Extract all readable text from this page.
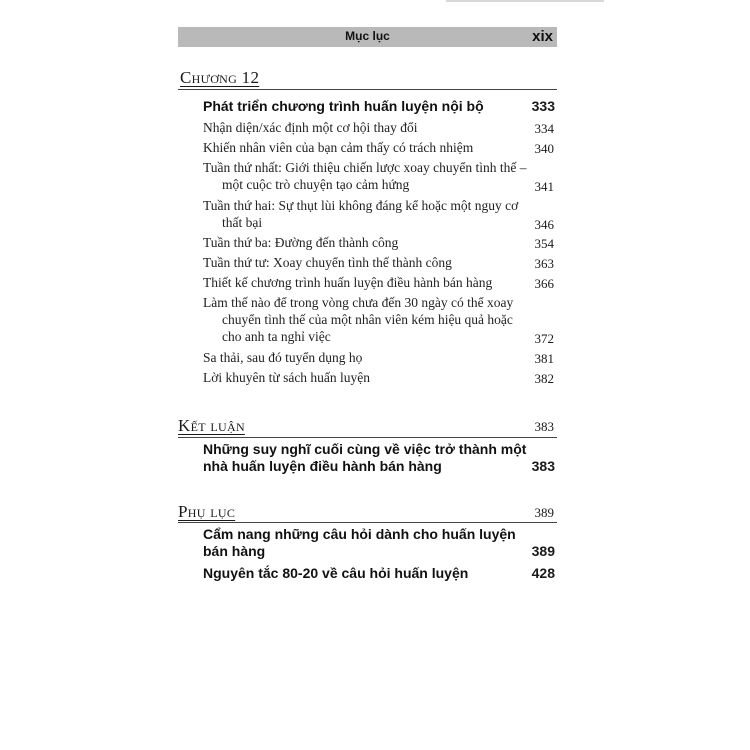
Mục lục	xix
Chương 12
Phát triển chương trình huấn luyện nội bộ	333
Nhận diện/xác định một cơ hội thay đổi	334
Khiến nhân viên của bạn cảm thấy có trách nhiệm	340
Tuần thứ nhất: Giới thiệu chiến lược xoay chuyển tình thế –
một cuộc trò chuyện tạo cảm hứng	341
Tuần thứ hai: Sự thụt lùi không đáng kể hoặc một nguy cơ
thất bại	346
Tuần thứ ba: Đường đến thành công	354
Tuần thứ tư: Xoay chuyển tình thế thành công	363
Thiết kế chương trình huấn luyện điều hành bán hàng	366
Làm thế nào để trong vòng chưa đến 30 ngày có thể xoay
chuyển tình thế của một nhân viên kém hiệu quả hoặc
cho anh ta nghỉ việc	372
Sa thải, sau đó tuyển dụng họ	381
Lời khuyên từ sách huấn luyện	382
Kết luận	383
Những suy nghĩ cuối cùng về việc trở thành một
nhà huấn luyện điều hành bán hàng	383
Phụ lục	389
Cẩm nang những câu hỏi dành cho huấn luyện
bán hàng	389
Nguyên tắc 80-20 về câu hỏi huấn luyện	428
